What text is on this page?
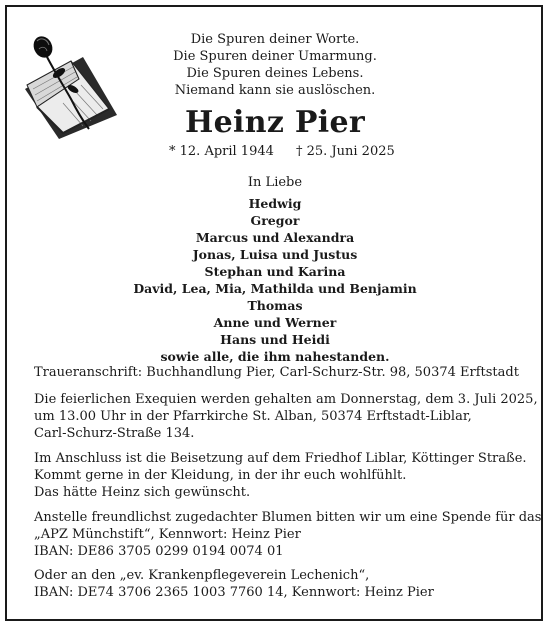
Die Spuren deiner Worte.
Die Spuren deiner Umarmung.
Die Spuren deines Lebens.
Niemand kann sie auslöschen.
Heinz Pier
* 12. April 1944 † 25. Juni 2025
In Liebe
Hedwig
Gregor
Marcus und Alexandra
Jonas, Luisa und Justus
Stephan und Karina
David, Lea, Mia, Mathilda und Benjamin
Thomas
Anne und Werner
Hans und Heidi
sowie alle, die ihm nahestanden.
Traueranschrift: Buchhandlung Pier, Carl-Schurz-Str. 98, 50374 Erftstadt
Die feierlichen Exequien werden gehalten am Donnerstag, dem 3. Juli 2025,
um 13.00 Uhr in der Pfarrkirche St. Alban, 50374 Erftstadt-Liblar,
Carl-Schurz-Straße 134.
Im Anschluss ist die Beisetzung auf dem Friedhof Liblar, Köttinger Straße.
Kommt gerne in der Kleidung, in der ihr euch wohlfühlt.
Das hätte Heinz sich gewünscht.
Anstelle freundlichst zugedachter Blumen bitten wir um eine Spende für das
„APZ Münchstift“, Kennwort: Heinz Pier
IBAN: DE86 3705 0299 0194 0074 01
Oder an den „ev. Krankenpflegeverein Lechenich“,
IBAN: DE74 3706 2365 1003 7760 14, Kennwort: Heinz Pier
